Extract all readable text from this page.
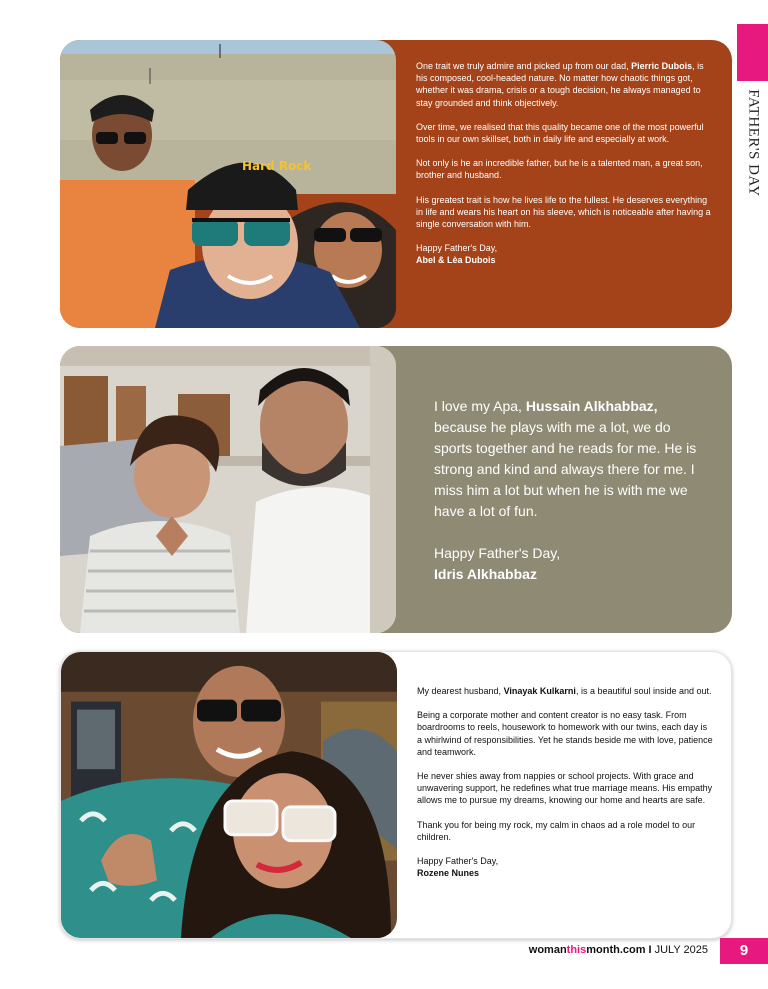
FATHER'S DAY
Hard Rock

One trait we truly admire and picked up from our dad, Pierric Dubois, is his composed, cool-headed nature. No matter how chaotic things got, whether it was drama, crisis or a tough decision, he always managed to stay grounded and think objectively.

Over time, we realised that this quality became one of the most powerful tools in our own skillset, both in daily life and especially at work.

Not only is he an incredible father, but he is a talented man, a great son, brother and husband.

His greatest trait is how he lives life to the fullest. He deserves everything in life and wears his heart on his sleeve, which is noticeable after having a single conversation with him.

Happy Father's Day,
Abel & Lèa Dubois

I love my Apa, Hussain Alkhabbaz, because he plays with me a lot, we do sports together and he reads for me. He is strong and kind and always there for me. I miss him a lot but when he is with me we have a lot of fun.

Happy Father's Day,
Idris Alkhabbaz

My dearest husband, Vinayak Kulkarni, is a beautiful soul inside and out.

Being a corporate mother and content creator is no easy task. From boardrooms to reels, housework to homework with our twins, each day is a whirlwind of responsibilities. Yet he stands beside me with love, patience and teamwork.

He never shies away from nappies or school projects. With grace and unwavering support, he redefines what true marriage means. His empathy allows me to pursue my dreams, knowing our home and hearts are safe.

Thank you for being my rock, my calm in chaos ad a role model to our children.

Happy Father's Day,
Rozene Nunes
womanthismonth.com I JULY 2025	9
